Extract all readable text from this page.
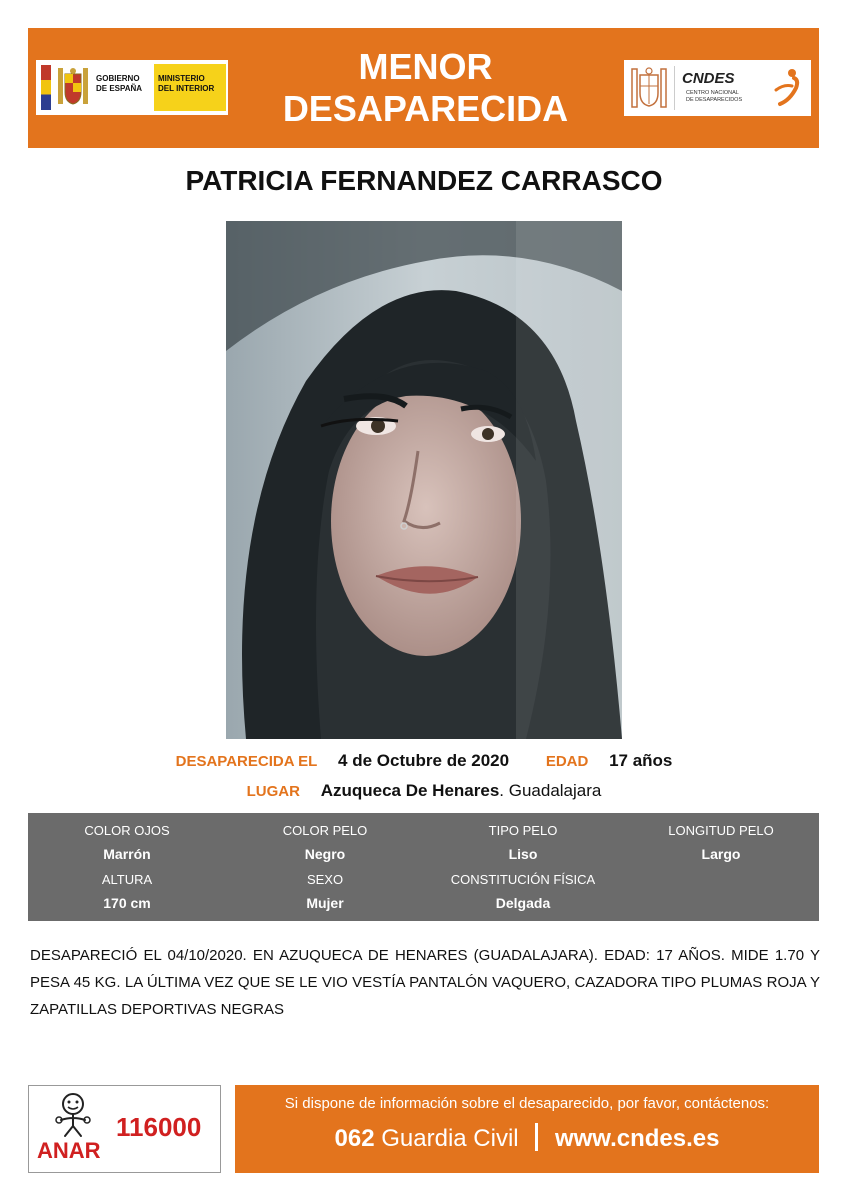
GOBIERNO
DE ESPAÑA
MINISTERIO
DEL INTERIOR
MENOR
DESAPARECIDA
CNDES
CENTRO NACIONAL
DE DESAPARECIDOS
PATRICIA FERNANDEZ CARRASCO
DESAPARECIDA EL 4 de Octubre de 2020 EDAD 17 años
LUGAR Azuqueca De Henares. Guadalajara
COLOR OJOS
Marrón
COLOR PELO
Negro
TIPO PELO
Liso
LONGITUD PELO
Largo
ALTURA
170 cm
SEXO
Mujer
CONSTITUCIÓN FÍSICA
Delgada
DESAPARECIÓ EL 04/10/2020. EN AZUQUECA DE HENARES (GUADALAJARA). EDAD: 17 AÑOS. MIDE 1.70 Y PESA 45 KG. LA ÚLTIMA VEZ QUE SE LE VIO VESTÍA PANTALÓN VAQUERO, CAZADORA TIPO PLUMAS ROJA Y ZAPATILLAS DEPORTIVAS NEGRAS
116000
ANAR
Si dispone de información sobre el desaparecido, por favor, contáctenos:
062 Guardia Civil www.cndes.es
